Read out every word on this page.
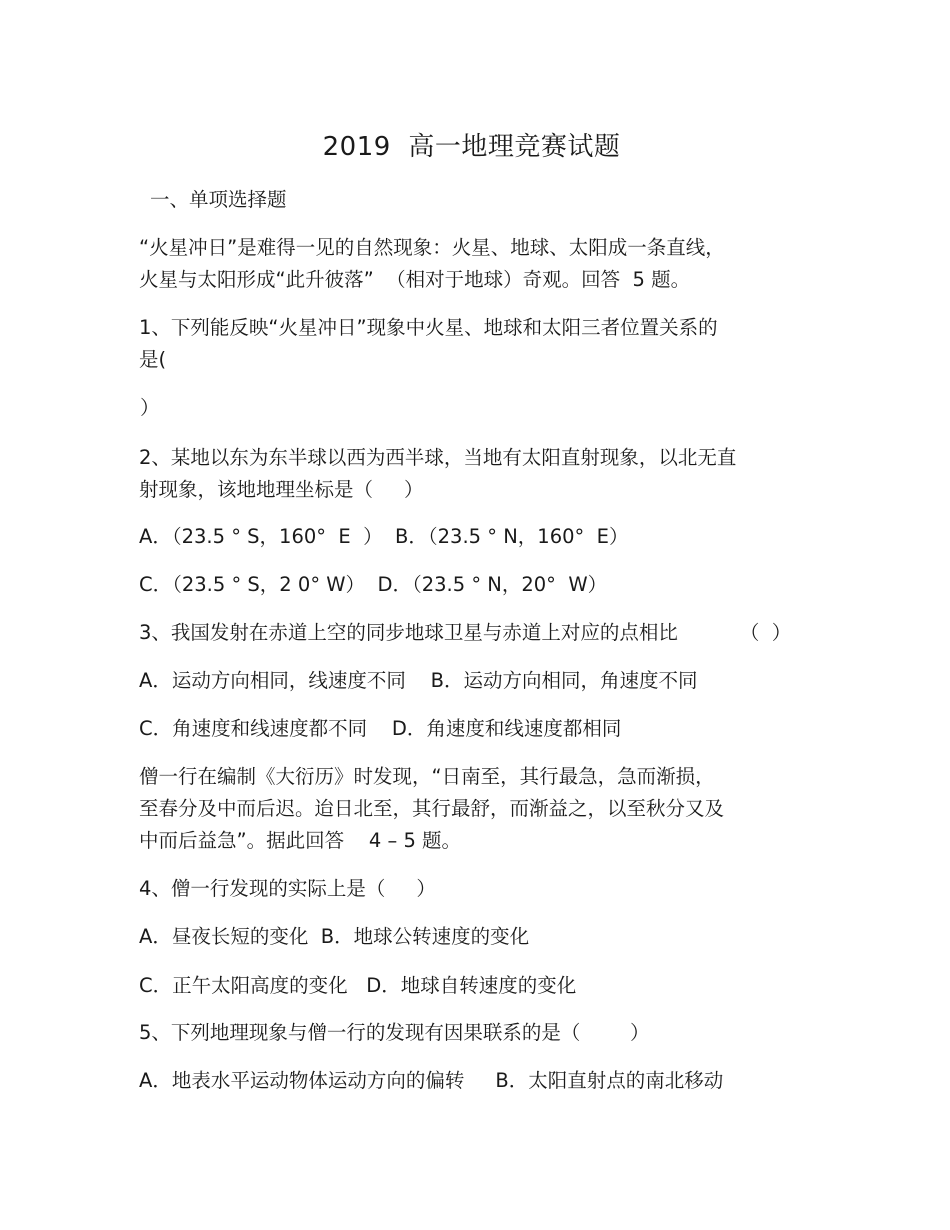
2019  高一地理竞赛试题
一、单项选择题
“火星冲日”是难得一见的自然现象：火星、地球、太阳成一条直线，
火星与太阳形成“此升彼落”  （相对于地球）奇观。回答  5 题。
1、下列能反映“火星冲日”现象中火星、地球和太阳三者位置关系的
是(
）
2、某地以东为东半球以西为西半球，当地有太阳直射现象，以北无直
射现象，该地地理坐标是（     ）
A．（23.5 ° S，160°  E  ）  B．（23.5 ° N，160°  E）
C．（23.5 ° S，2 0° W）  D．（23.5 ° N，20°  W）
3、我国发射在赤道上空的同步地球卫星与赤道上对应的点相比          （  ）
A．运动方向相同，线速度不同    B．运动方向相同，角速度不同
C．角速度和线速度都不同    D．角速度和线速度都相同
僧一行在编制《大衍历》时发现，“日南至，其行最急，急而渐损，
至春分及中而后迟。迨日北至，其行最舒，而渐益之，以至秋分又及
中而后益急”。据此回答    4 – 5 题。
4、僧一行发现的实际上是（     ）
A．昼夜长短的变化  B．地球公转速度的变化
C．正午太阳高度的变化   D．地球自转速度的变化
5、下列地理现象与僧一行的发现有因果联系的是（        ）
A．地表水平运动物体运动方向的偏转     B．太阳直射点的南北移动
